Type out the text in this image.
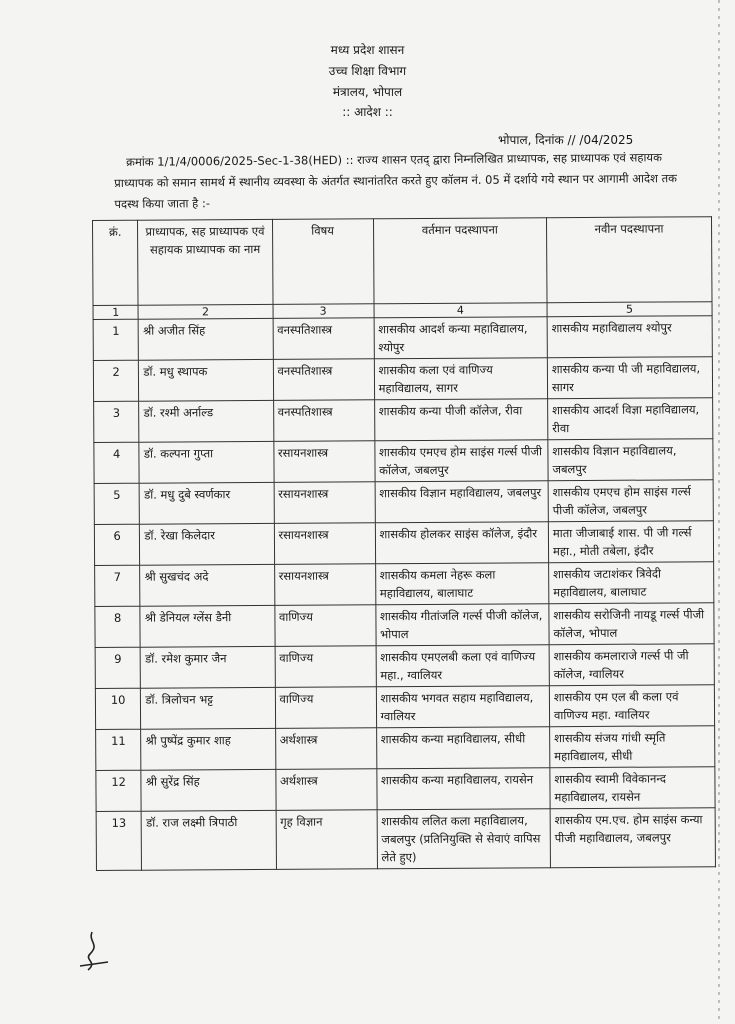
मध्य प्रदेश शासन
उच्च शिक्षा विभाग
मंत्रालय, भोपाल
:: आदेश ::
भोपाल, दिनांक // /04/2025
क्रमांक 1/1/4/0006/2025-Sec-1-38(HED) :: राज्य शासन एतद् द्वारा निम्नलिखित प्राध्यापक, सह प्राध्यापक एवं सहायक प्राध्यापक को समान सामर्थ में स्थानीय व्यवस्था के अंतर्गत स्थानांतरित करते हुए कॉलम नं. 05 में दर्शाये गये स्थान पर आगामी आदेश तक पदस्थ किया जाता है :-
क्रं.	प्राध्यापक, सह प्राध्यापक एवं सहायक प्राध्यापक का नाम	विषय	वर्तमान पदस्थापना	नवीन पदस्थापना
1	2	3	4	5
1	श्री अजीत सिंह	वनस्पतिशास्त्र	शासकीय आदर्श कन्या महाविद्यालय, श्योपुर	शासकीय महाविद्यालय श्योपुर
2	डॉ. मधु स्थापक	वनस्पतिशास्त्र	शासकीय कला एवं वाणिज्य महाविद्यालय, सागर	शासकीय कन्या पी जी महाविद्यालय, सागर
3	डॉ. रश्मी अर्नाल्ड	वनस्पतिशास्त्र	शासकीय कन्या पीजी कॉलेज, रीवा	शासकीय आदर्श विज्ञा महाविद्यालय, रीवा
4	डॉ. कल्पना गुप्ता	रसायनशास्त्र	शासकीय एमएच होम साइंस गर्ल्स पीजी कॉलेज, जबलपुर	शासकीय विज्ञान महाविद्यालय, जबलपुर
5	डॉ. मधु दुबे स्वर्णकार	रसायनशास्त्र	शासकीय विज्ञान महाविद्यालय, जबलपुर	शासकीय एमएच होम साइंस गर्ल्स पीजी कॉलेज, जबलपुर
6	डॉ. रेखा किलेदार	रसायनशास्त्र	शासकीय होलकर साइंस कॉलेज, इंदौर	माता जीजाबाई शास. पी जी गर्ल्स महा., मोती तबेला, इंदौर
7	श्री सुखचंद अदे	रसायनशास्त्र	शासकीय कमला नेहरू कला महाविद्यालय, बालाघाट	शासकीय जटाशंकर त्रिवेदी महाविद्यालय, बालाघाट
8	श्री डेनियल ग्लेंस डैनी	वाणिज्य	शासकीय गीतांजलि गर्ल्स पीजी कॉलेज, भोपाल	शासकीय सरोजिनी नायडू गर्ल्स पीजी कॉलेज, भोपाल
9	डॉ. रमेश कुमार जैन	वाणिज्य	शासकीय एमएलबी कला एवं वाणिज्य महा., ग्वालियर	शासकीय कमलाराजे गर्ल्स पी जी कॉलेज, ग्वालियर
10	डॉ. त्रिलोचन भट्ट	वाणिज्य	शासकीय भगवत सहाय महाविद्यालय, ग्वालियर	शासकीय एम एल बी कला एवं वाणिज्य महा. ग्वालियर
11	श्री पुष्पेंद्र कुमार शाह	अर्थशास्त्र	शासकीय कन्या महाविद्यालय, सीधी	शासकीय संजय गांधी स्मृति महाविद्यालय, सीधी
12	श्री सुरेंद्र सिंह	अर्थशास्त्र	शासकीय कन्या महाविद्यालय, रायसेन	शासकीय स्वामी विवेकानन्द महाविद्यालय, रायसेन
13	डॉ. राज लक्ष्मी त्रिपाठी	गृह विज्ञान	शासकीय ललित कला महाविद्यालय, जबलपुर (प्रतिनियुक्ति से सेवाएं वापिस लेते हुए)	शासकीय एम.एच. होम साइंस कन्या पीजी महाविद्यालय, जबलपुर
